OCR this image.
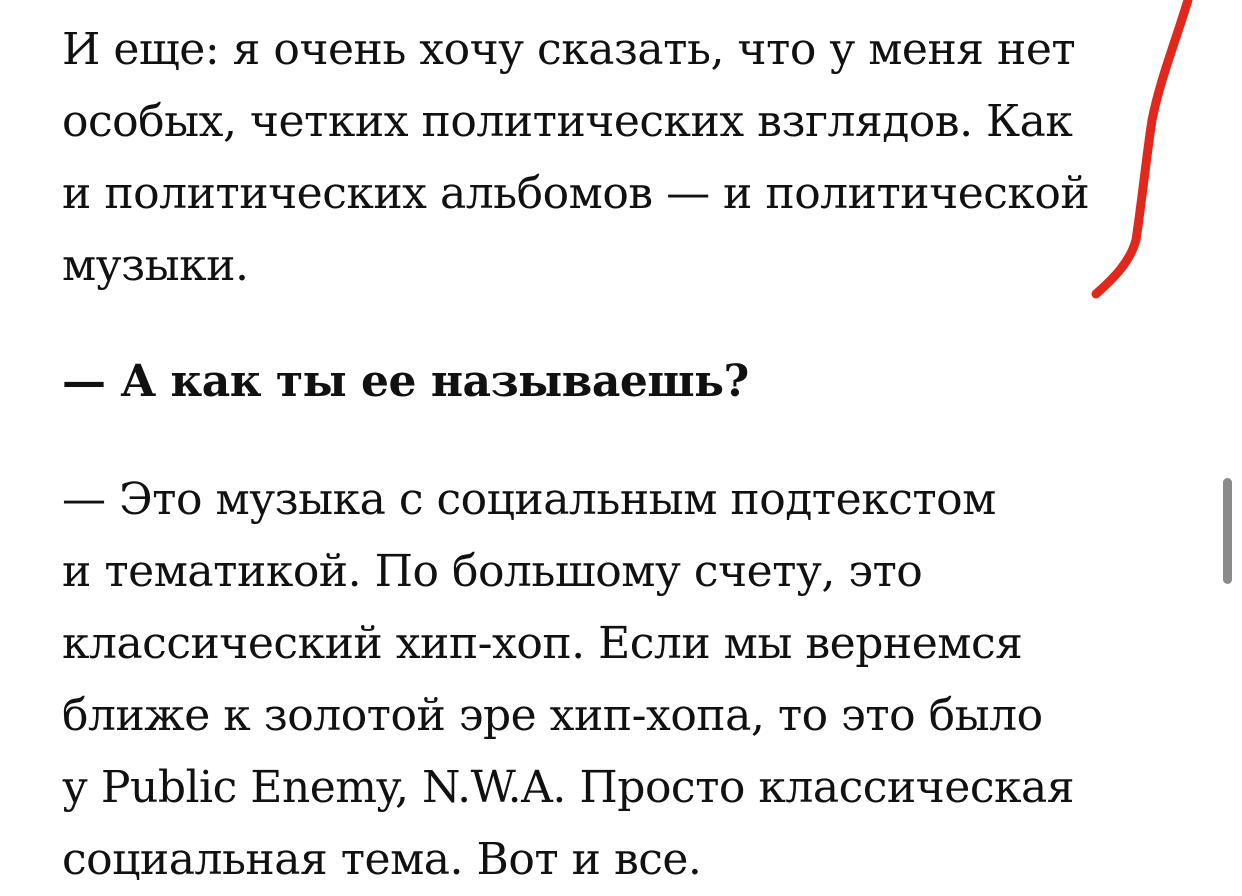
И еще: я очень хочу сказать, что у меня нет
особых, четких политических взглядов. Как
и политических альбомов — и политической
музыки.

— А как ты ее называешь?

— Это музыка с социальным подтекстом
и тематикой. По большому счету, это
классический хип-хоп. Если мы вернемся
ближе к золотой эре хип-хопа, то это было
у Public Enemy, N.W.A. Просто классическая
социальная тема. Вот и все.
